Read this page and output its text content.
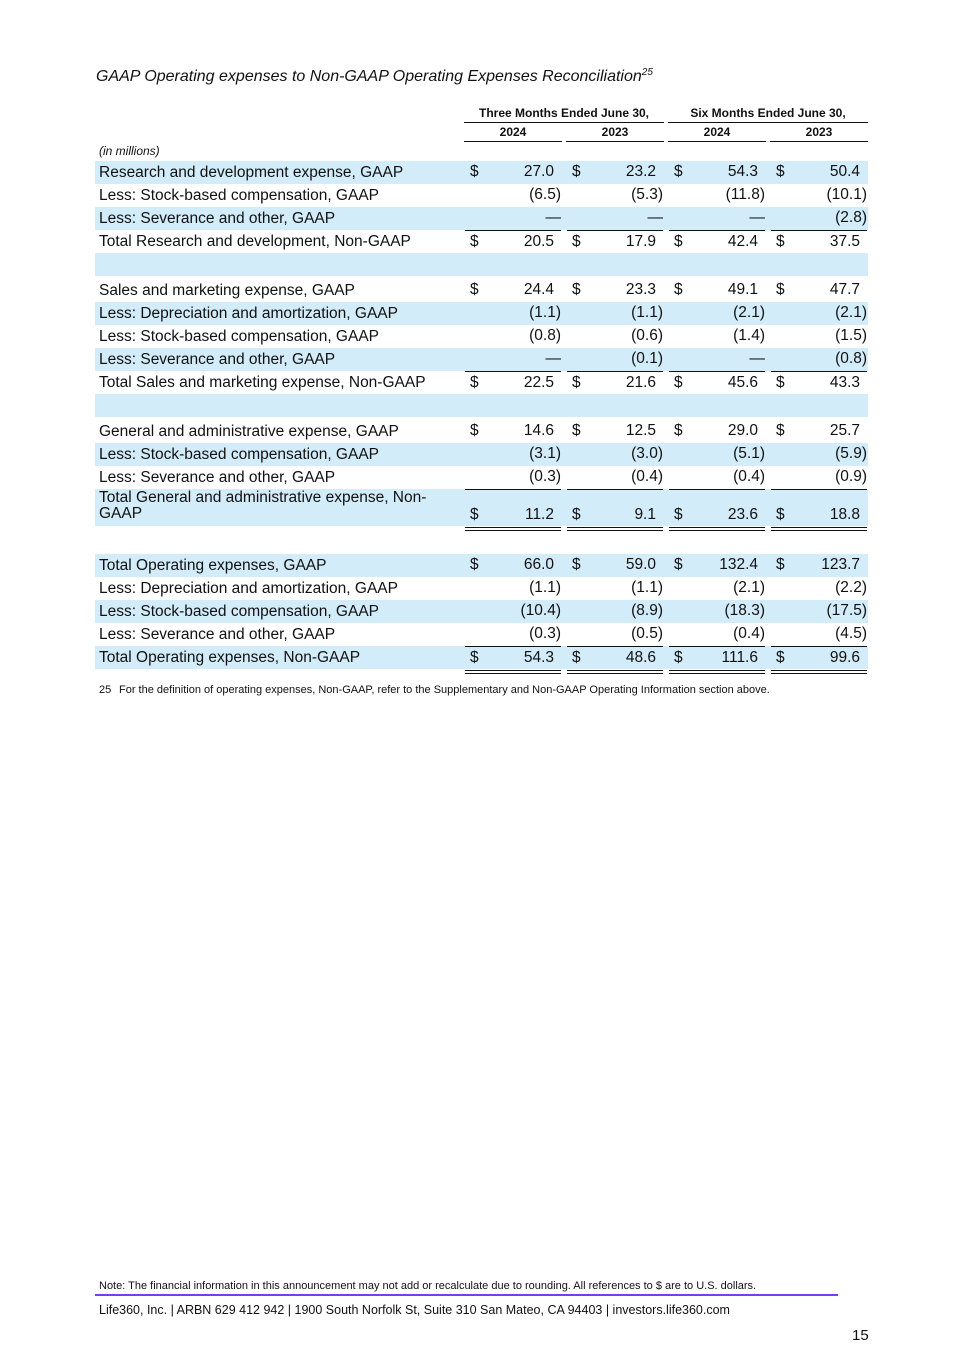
GAAP Operating expenses to Non-GAAP Operating Expenses Reconciliation$^{25}$
Three Months Ended June 30,	Six Months Ended June 30,
2024	2023	2024	2023
(in millions)
Research and development expense, GAAP	$	27.0 $	23.2 $	54.3 $	50.4
Less: Stock-based compensation, GAAP	(6.5)	(5.3)	(11.8)	(10.1)
Less: Severance and other, GAAP	—	—	—	(2.8)
Total Research and development, Non-GAAP	$	20.5 $	17.9 $	42.4 $	37.5
Sales and marketing expense, GAAP	$	24.4 $	23.3 $	49.1 $	47.7
Less: Depreciation and amortization, GAAP	(1.1)	(1.1)	(2.1)	(2.1)
Less: Stock-based compensation, GAAP	(0.8)	(0.6)	(1.4)	(1.5)
Less: Severance and other, GAAP	—	(0.1)	—	(0.8)
Total Sales and marketing expense, Non-GAAP	$	22.5 $	21.6 $	45.6 $	43.3
General and administrative expense, GAAP	$	14.6 $	12.5 $	29.0 $	25.7
Less: Stock-based compensation, GAAP	(3.1)	(3.0)	(5.1)	(5.9)
Less: Severance and other, GAAP	(0.3)	(0.4)	(0.4)	(0.9)
Total General and administrative expense, Non-GAAP	$	11.2 $	9.1 $	23.6 $	18.8
Total Operating expenses, GAAP	$	66.0 $	59.0 $ 132.4 $ 123.7
Less: Depreciation and amortization, GAAP	(1.1)	(1.1)	(2.1)	(2.2)
Less: Stock-based compensation, GAAP	(10.4)	(8.9)	(18.3)	(17.5)
Less: Severance and other, GAAP	(0.3)	(0.5)	(0.4)	(4.5)
Total Operating expenses, Non-GAAP	$	54.3 $	48.6 $	111.6 $	99.6
25 For the definition of operating expenses, Non-GAAP, refer to the Supplementary and Non-GAAP Operating Information section above.
Note: The financial information in this announcement may not add or recalculate due to rounding. All references to $ are to U.S. dollars.
Life360, Inc. | ARBN 629 412 942 | 1900 South Norfolk St, Suite 310 San Mateo, CA 94403 | investors.life360.com
15
